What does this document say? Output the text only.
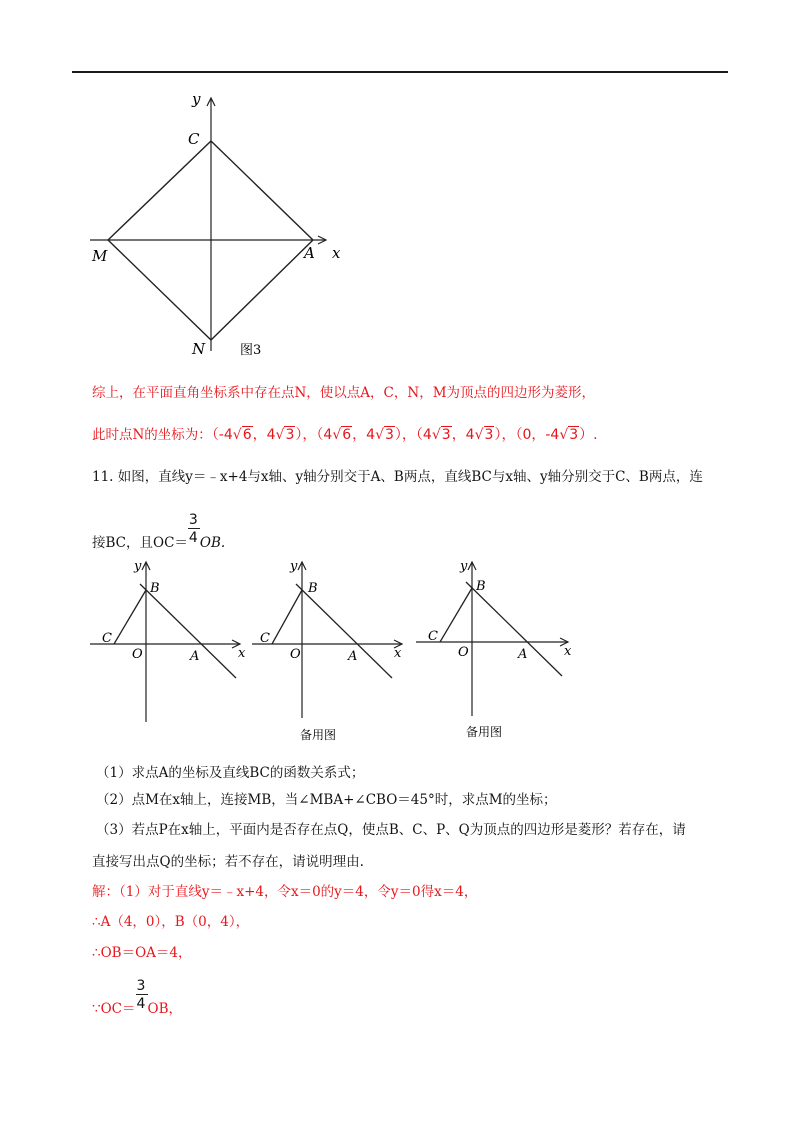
y
x
C
M	A
N	图3
综上，在平面直角坐标系中存在点N，使以点A，C，N，M为顶点的四边形为菱形，
此时点N的坐标为：（-4√6，4√3），（4√6，4√3），（4√3，4√3），（0，-4√3）.
11. 如图，直线y＝﹣x+4与x轴、y轴分别交于A、B两点，直线BC与x轴、y轴分别交于C、B两点，连
接BC，且$OC= \frac{3}{4}$ OB.
y
x
B
C
O	A
y
x
B
C
O	A
备用图
y
x
B
C
O	A
备用图
（1）求点A的坐标及直线BC的函数关系式；
（2）点M在x轴上，连接MB，当∠MBA+∠CBO＝45°时，求点M的坐标；
（3）若点P在x轴上，平面内是否存在点Q，使点B、C、P、Q为顶点的四边形是菱形？若存在，请
直接写出点Q的坐标；若不存在，请说明理由.
解：（1）对于直线y＝﹣x+4，令x＝0的y＝4，令y＝0得x＝4，
∴A（4，0），B（0，4），
∴OB＝OA＝4，
∵OC＝ $\frac{3}{4}$ OB，
